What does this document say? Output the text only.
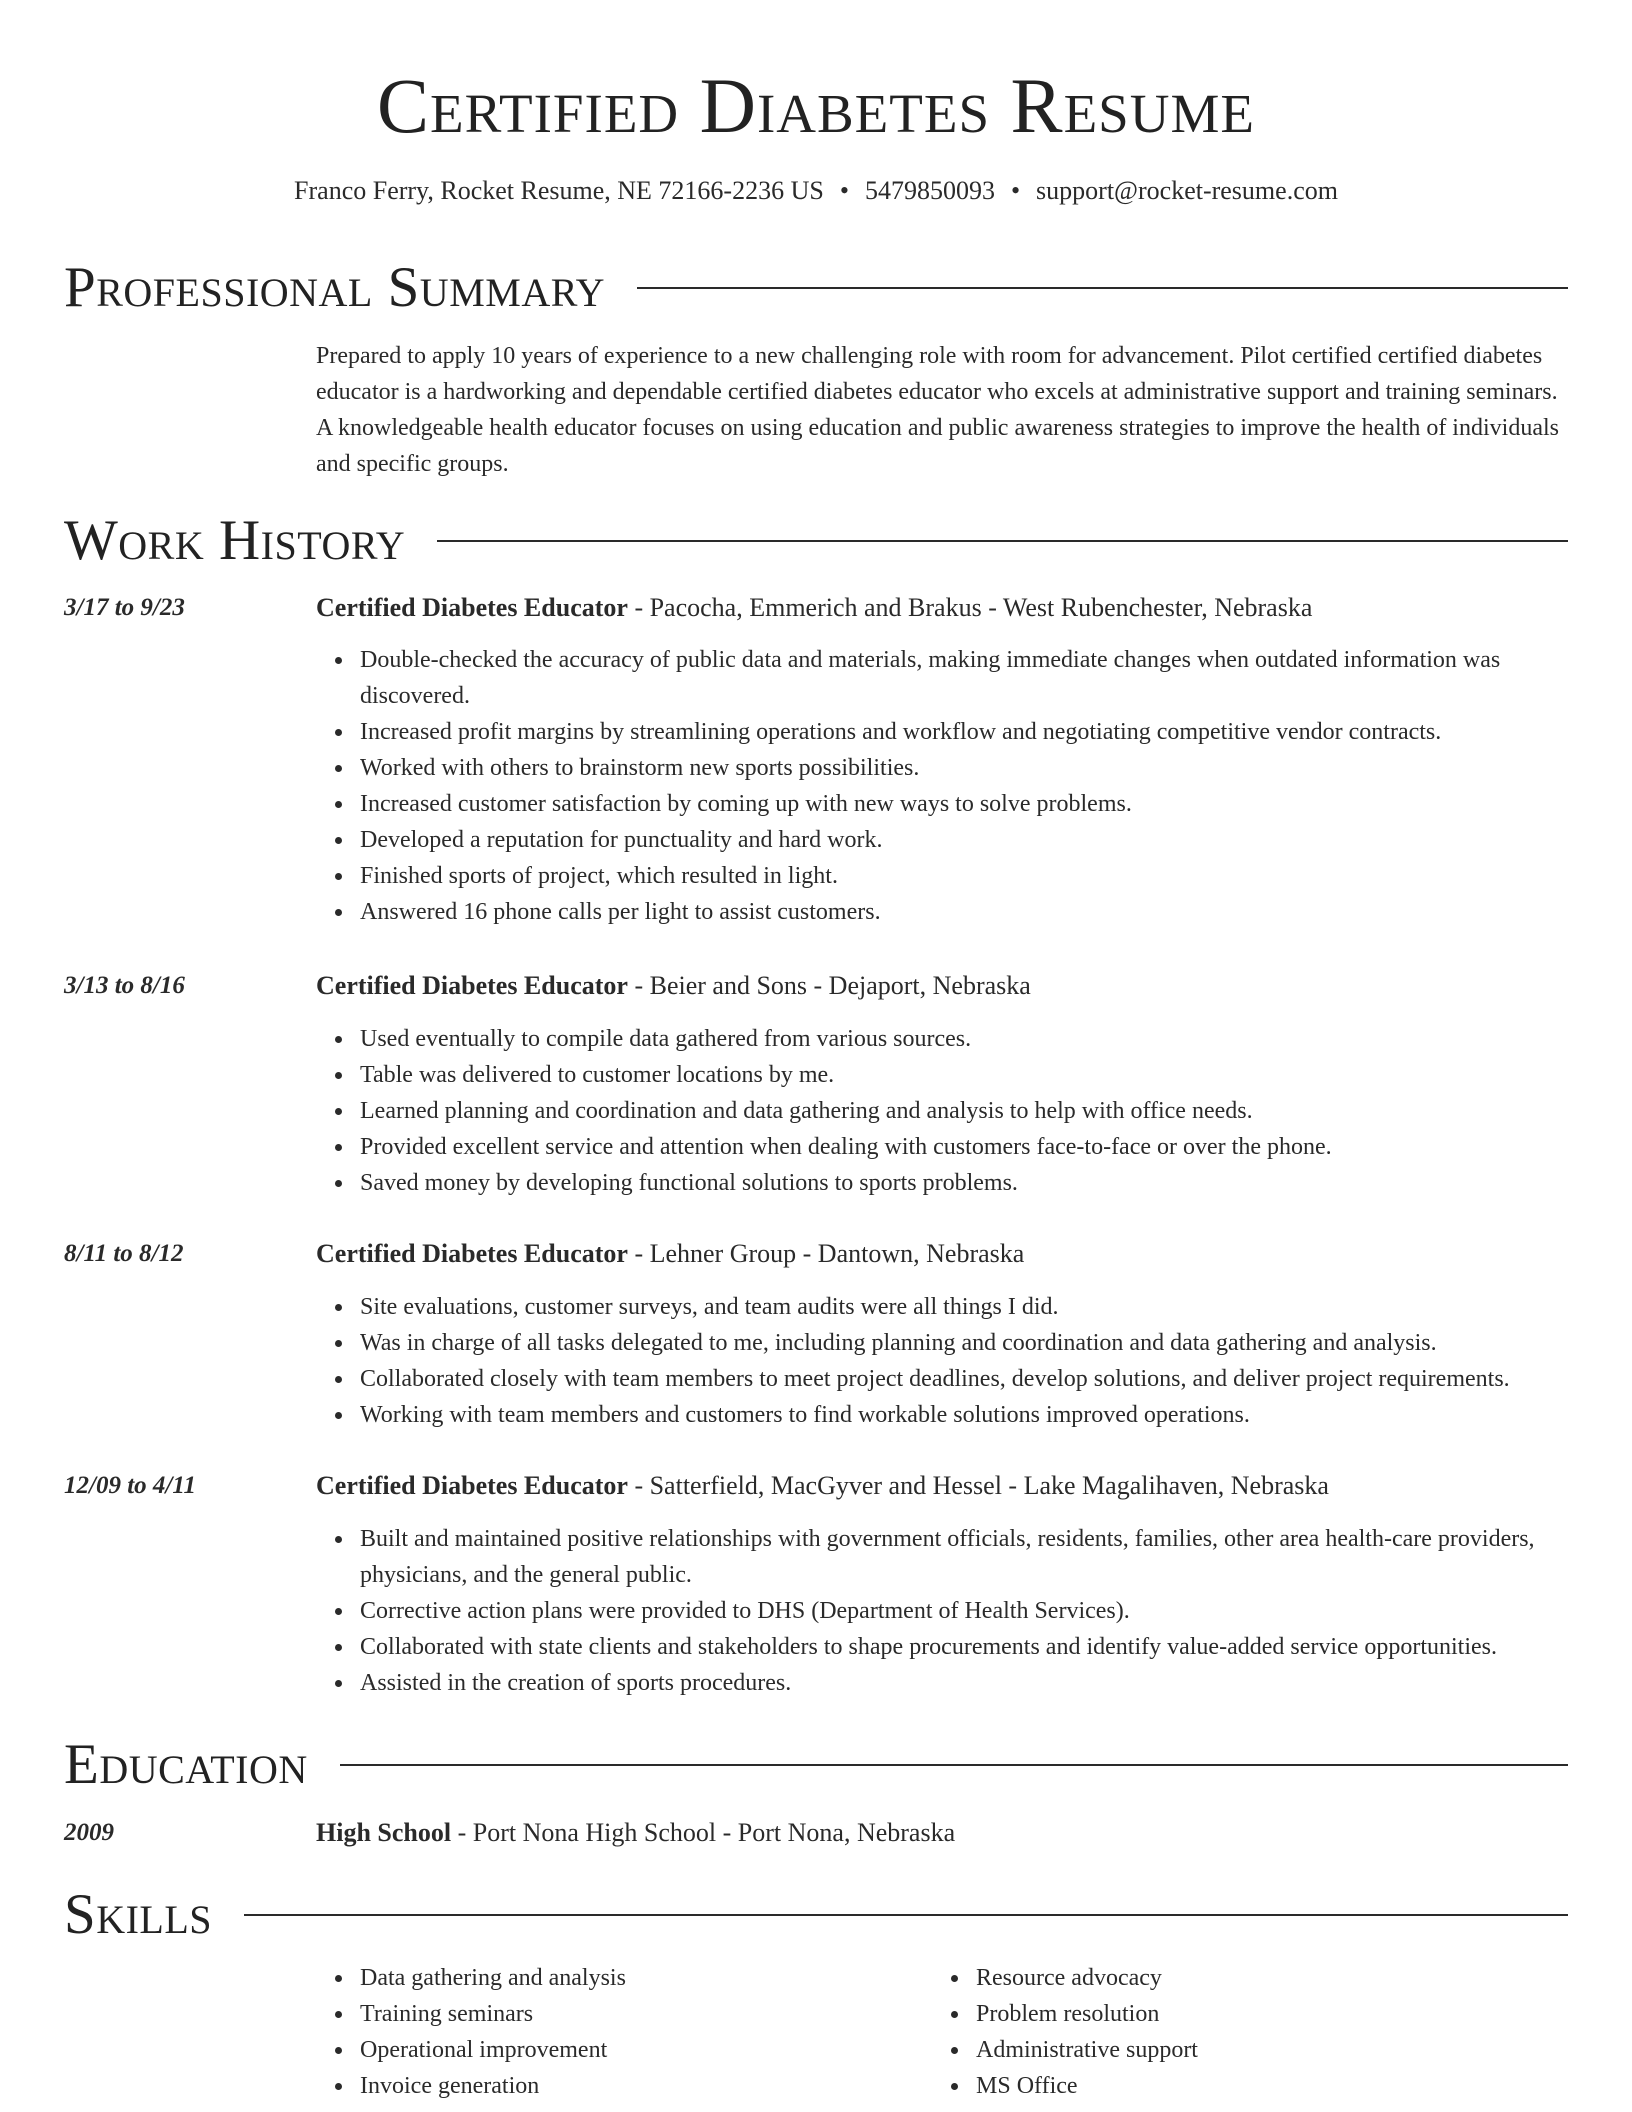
Certified Diabetes Resume
Franco Ferry, Rocket Resume, NE 72166-2236 US • 5479850093 • support@rocket-resume.com
Professional Summary

Prepared to apply 10 years of experience to a new challenging role with room for advancement. Pilot certified certified diabetes educator is a hardworking and dependable certified diabetes educator who excels at administrative support and training seminars. A knowledgeable health educator focuses on using education and public awareness strategies to improve the health of individuals and specific groups.

Work History
3/17 to 9/23	Certified Diabetes Educator - Pacocha, Emmerich and Brakus - West Rubenchester, Nebraska
Double-checked the accuracy of public data and materials, making immediate changes when outdated information was discovered.
Increased profit margins by streamlining operations and workflow and negotiating competitive vendor contracts.
Worked with others to brainstorm new sports possibilities.
Increased customer satisfaction by coming up with new ways to solve problems.
Developed a reputation for punctuality and hard work.
Finished sports of project, which resulted in light.
Answered 16 phone calls per light to assist customers.
3/13 to 8/16	Certified Diabetes Educator - Beier and Sons - Dejaport, Nebraska
Used eventually to compile data gathered from various sources.
Table was delivered to customer locations by me.
Learned planning and coordination and data gathering and analysis to help with office needs.
Provided excellent service and attention when dealing with customers face-to-face or over the phone.
Saved money by developing functional solutions to sports problems.
8/11 to 8/12	Certified Diabetes Educator - Lehner Group - Dantown, Nebraska
Site evaluations, customer surveys, and team audits were all things I did.
Was in charge of all tasks delegated to me, including planning and coordination and data gathering and analysis.
Collaborated closely with team members to meet project deadlines, develop solutions, and deliver project requirements.
Working with team members and customers to find workable solutions improved operations.
12/09 to 4/11	Certified Diabetes Educator - Satterfield, MacGyver and Hessel - Lake Magalihaven, Nebraska
Built and maintained positive relationships with government officials, residents, families, other area health-care providers, physicians, and the general public.
Corrective action plans were provided to DHS (Department of Health Services).
Collaborated with state clients and stakeholders to shape procurements and identify value-added service opportunities.
Assisted in the creation of sports procedures.
Education
2009	High School - Port Nona High School - Port Nona, Nebraska
Skills
Data gathering and analysis
Training seminars
Operational improvement
Invoice generation
Resource advocacy
Problem resolution
Administrative support
MS Office
